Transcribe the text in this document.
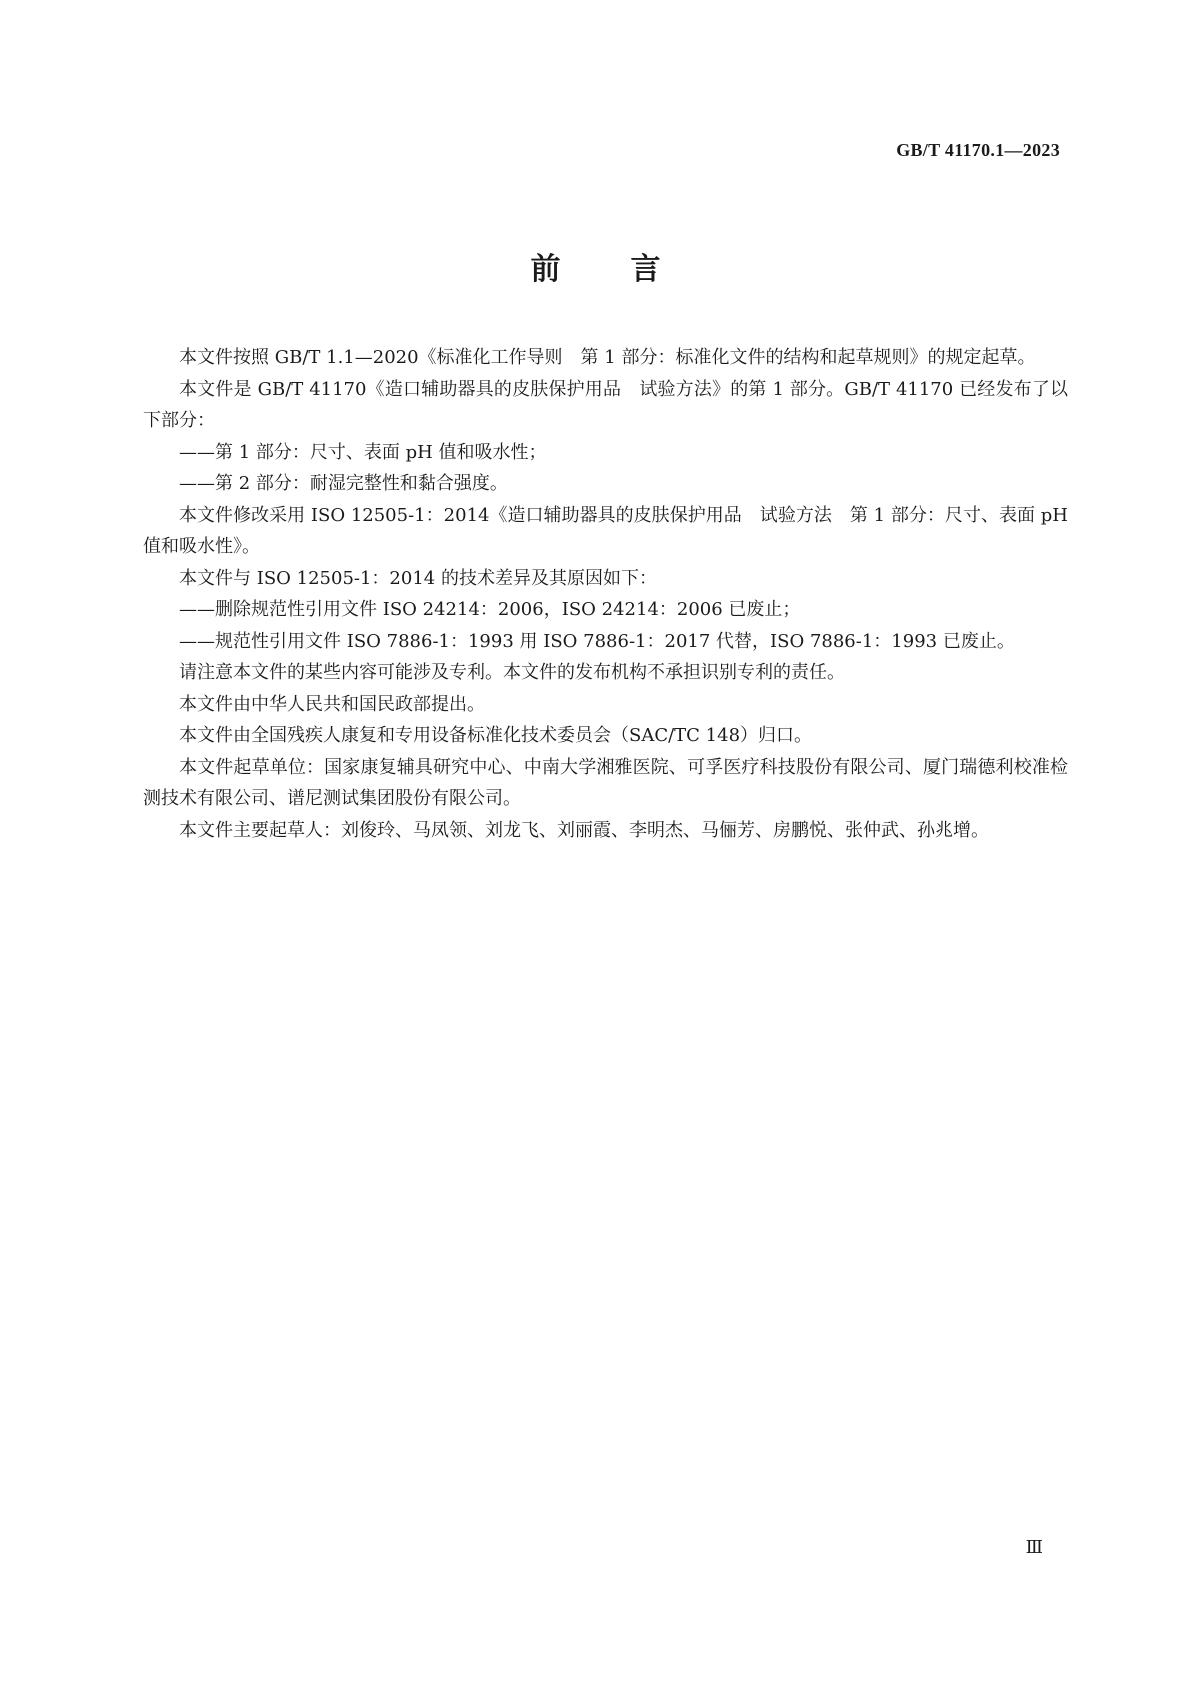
GB/T 41170.1—2023
前 言

本文件按照 GB/T 1.1—2020《标准化工作导则　第 1 部分：标准化文件的结构和起草规则》的规定起草。

本文件是 GB/T 41170《造口辅助器具的皮肤保护用品　试验方法》的第 1 部分。GB/T 41170 已经发布了以下部分：

——第 1 部分：尺寸、表面 pH 值和吸水性；

——第 2 部分：耐湿完整性和黏合强度。

本文件修改采用 ISO 12505-1：2014《造口辅助器具的皮肤保护用品　试验方法　第 1 部分：尺寸、表面 pH 值和吸水性》。

本文件与 ISO 12505-1：2014 的技术差异及其原因如下：

——删除规范性引用文件 ISO 24214：2006，ISO 24214：2006 已废止；

——规范性引用文件 ISO 7886-1：1993 用 ISO 7886-1：2017 代替，ISO 7886-1：1993 已废止。

请注意本文件的某些内容可能涉及专利。本文件的发布机构不承担识别专利的责任。

本文件由中华人民共和国民政部提出。

本文件由全国残疾人康复和专用设备标准化技术委员会（SAC/TC 148）归口。

本文件起草单位：国家康复辅具研究中心、中南大学湘雅医院、可孚医疗科技股份有限公司、厦门瑞德利校准检测技术有限公司、谱尼测试集团股份有限公司。

本文件主要起草人：刘俊玲、马凤领、刘龙飞、刘丽霞、李明杰、马俪芳、房鹏悦、张仲武、孙兆增。

Ⅲ
